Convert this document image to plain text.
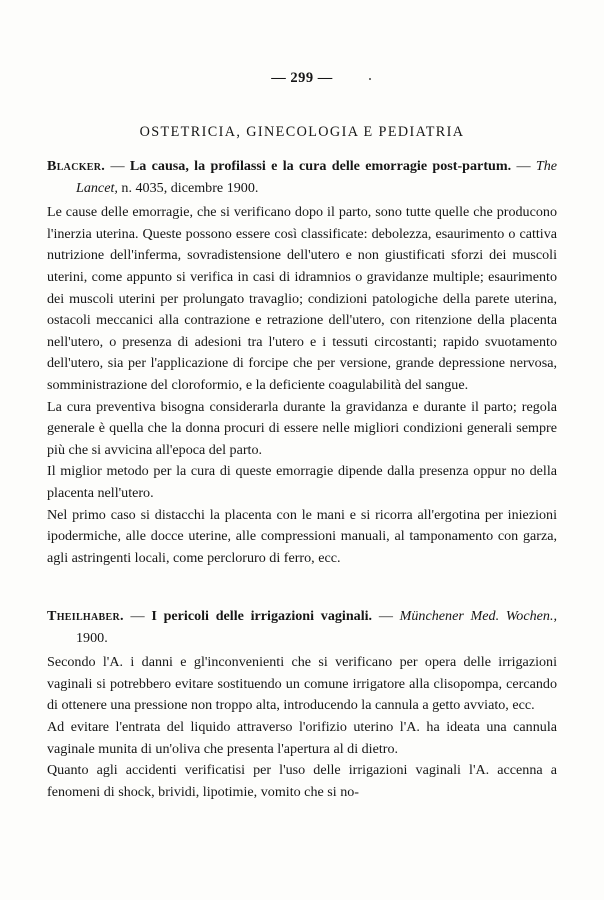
— 299 —
OSTETRICIA, GINECOLOGIA E PEDIATRIA

Blacker. — La causa, la profilassi e la cura delle emorragie post-partum. — The Lancet, n. 4035, dicembre 1900.

Le cause delle emorragie, che si verificano dopo il parto, sono tutte quelle che producono l'inerzia uterina. Queste possono essere così classificate: debolezza, esaurimento o cattiva nutrizione dell'inferma, sovradistensione dell'utero e non giustificati sforzi dei muscoli uterini, come appunto si verifica in casi di idramnios o gravidanze multiple; esaurimento dei muscoli uterini per prolungato travaglio; condizioni patologiche della parete uterina, ostacoli meccanici alla contrazione e retrazione dell'utero, con ritenzione della placenta nell'utero, o presenza di adesioni tra l'utero e i tessuti circostanti; rapido svuotamento dell'utero, sia per l'applicazione di forcipe che per versione, grande depressione nervosa, somministrazione del cloroformio, e la deficiente coagulabilità del sangue.

La cura preventiva bisogna considerarla durante la gravidanza e durante il parto; regola generale è quella che la donna procuri di essere nelle migliori condizioni generali sempre più che si avvicina all'epoca del parto.

Il miglior metodo per la cura di queste emorragie dipende dalla presenza oppur no della placenta nell'utero.

Nel primo caso si distacchi la placenta con le mani e si ricorra all'ergotina per iniezioni ipodermiche, alle docce uterine, alle compressioni manuali, al tamponamento con garza, agli astringenti locali, come percloruro di ferro, ecc.

Theilhaber. — I pericoli delle irrigazioni vaginali. — Münchener Med. Wochen., 1900.

Secondo l'A. i danni e gl'inconvenienti che si verificano per opera delle irrigazioni vaginali si potrebbero evitare sostituendo un comune irrigatore alla clisopompa, cercando di ottenere una pressione non troppo alta, introducendo la cannula a getto avviato, ecc.

Ad evitare l'entrata del liquido attraverso l'orifizio uterino l'A. ha ideata una cannula vaginale munita di un'oliva che presenta l'apertura al di dietro.

Quanto agli accidenti verificatisi per l'uso delle irrigazioni vaginali l'A. accenna a fenomeni di shock, brividi, lipotimie, vomito che si no-
